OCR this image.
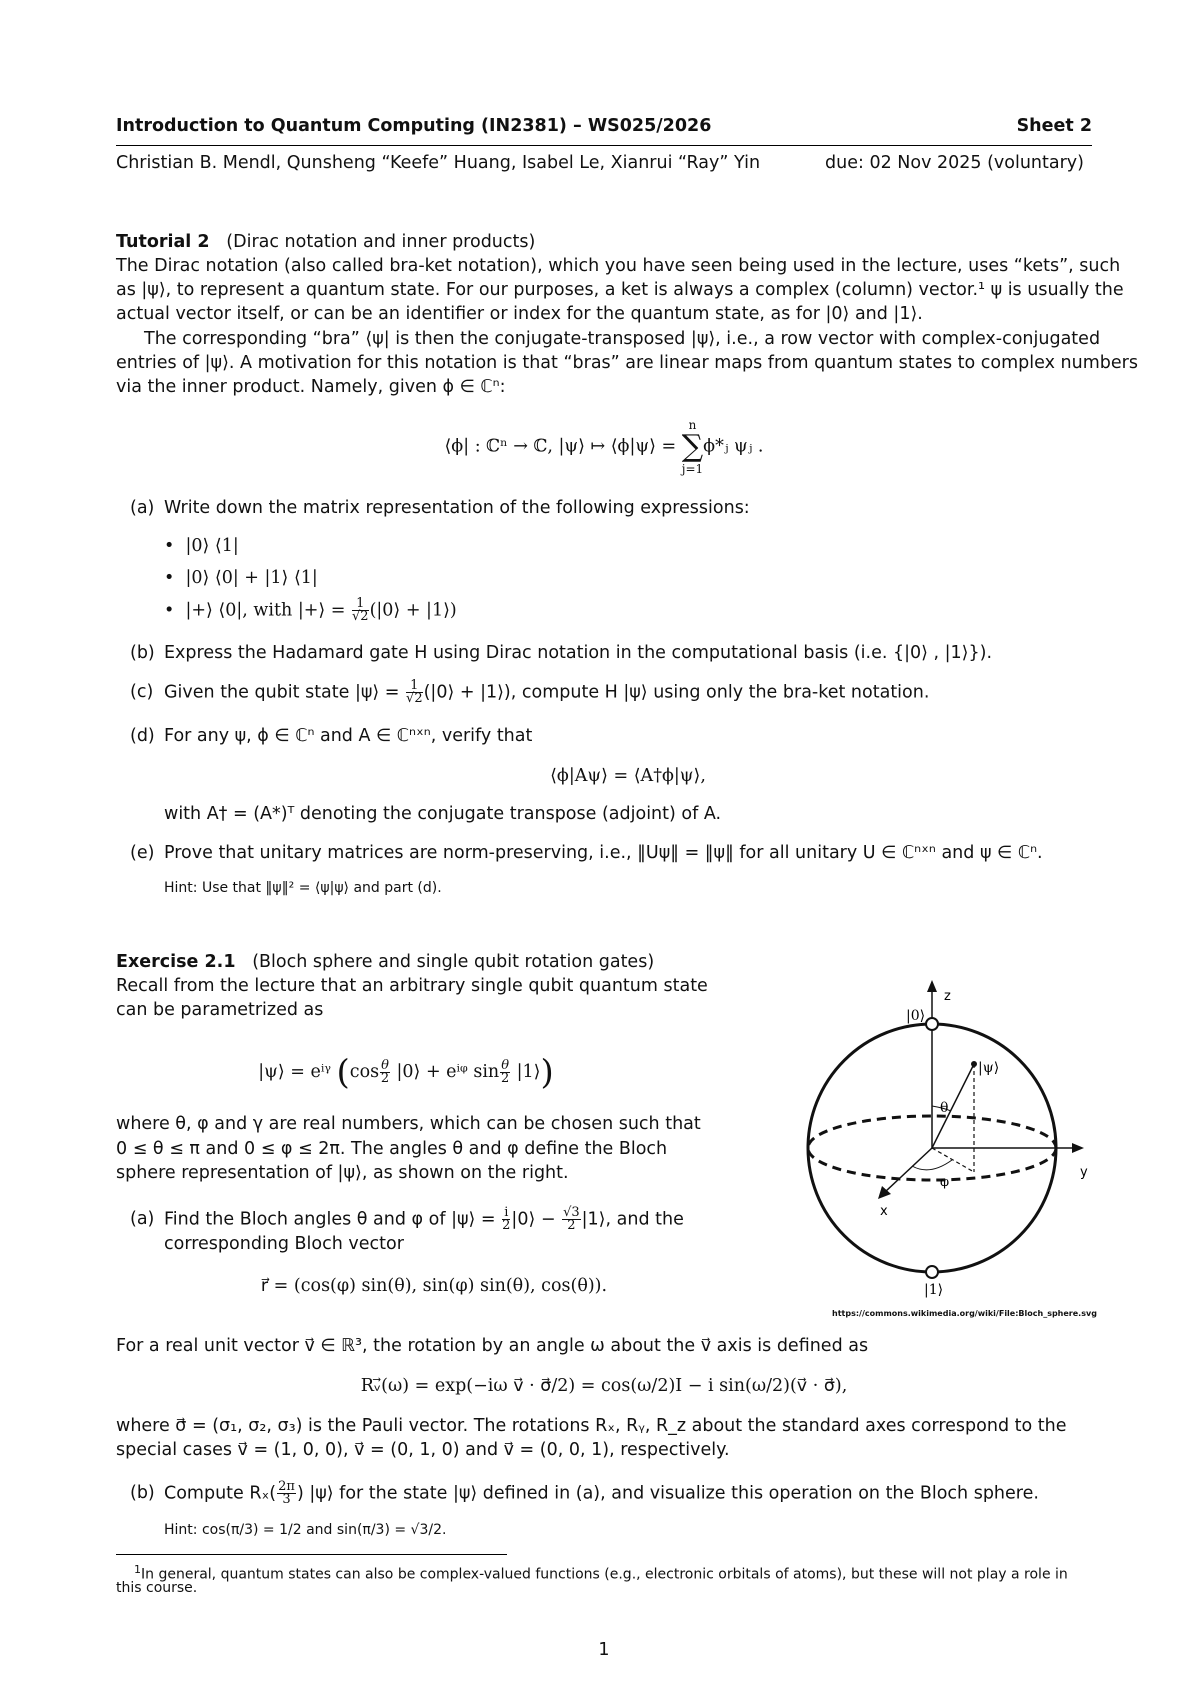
Introduction to Quantum Computing (IN2381) – WS025/2026	Sheet 2
Christian B. Mendl, Qunsheng “Keefe” Huang, Isabel Le, Xianrui “Ray” Yin	due: 02 Nov 2025 (voluntary)
Tutorial 2 (Dirac notation and inner products)
The Dirac notation (also called bra-ket notation), which you have seen being used in the lecture, uses “kets”, such
as |ψ⟩, to represent a quantum state. For our purposes, a ket is always a complex (column) vector.¹ ψ is usually the
actual vector itself, or can be an identifier or index for the quantum state, as for |0⟩ and |1⟩.
The corresponding “bra” ⟨ψ| is then the conjugate-transposed |ψ⟩, i.e., a row vector with complex-conjugated
entries of |ψ⟩. A motivation for this notation is that “bras” are linear maps from quantum states to complex numbers
via the inner product. Namely, given ϕ ∈ ℂⁿ:
⟨ϕ| : ℂⁿ → ℂ, |ψ⟩ ↦ ⟨ϕ|ψ⟩ =
n
∑
j=1
ϕ*ⱼ ψⱼ .
(a) Write down the matrix representation of the following expressions:
•  |0⟩ ⟨1|
•  |0⟩ ⟨0| + |1⟩ ⟨1|
•  |+⟩ ⟨0|, with |+⟩ = $\frac{1}{√2}$ (|0⟩ + |1⟩)
(b) Express the Hadamard gate H using Dirac notation in the computational basis (i.e. {|0⟩ , |1⟩}).
(c) Given the qubit state |ψ⟩ = $\frac{1}{√2}$ (|0⟩ + |1⟩), compute H |ψ⟩ using only the bra-ket notation.
(d) For any ψ, ϕ ∈ ℂⁿ and A ∈ ℂⁿˣⁿ, verify that
⟨ϕ|Aψ⟩ = ⟨A†ϕ|ψ⟩,
with A† = (A*)ᵀ denoting the conjugate transpose (adjoint) of A.
(e) Prove that unitary matrices are norm-preserving, i.e., ‖Uψ‖ = ‖ψ‖ for all unitary U ∈ ℂⁿˣⁿ and ψ ∈ ℂⁿ.
Hint: Use that ‖ψ‖² = ⟨ψ|ψ⟩ and part (d).
Exercise 2.1 (Bloch sphere and single qubit rotation gates)
Recall from the lecture that an arbitrary single qubit quantum state
can be parametrized as
|ψ⟩ = eⁱᵞ ($\cos \frac{\theta}{2}$ |0⟩ + eⁱᵠ $\sin \frac{\theta}{2}$ |1⟩)
where θ, φ and γ are real numbers, which can be chosen such that
0 ≤ θ ≤ π and 0 ≤ φ ≤ 2π. The angles θ and φ define the Bloch
sphere representation of |ψ⟩, as shown on the right.
(a) Find the Bloch angles θ and φ of |ψ⟩ = $\frac{i}{2}$ |0⟩ − $\frac{√3}{2}$ |1⟩, and the
corresponding Bloch vector
r⃗ = (cos(φ) sin(θ), sin(φ) sin(θ), cos(θ)).
|0⟩
z
|ψ⟩
θ
φ
y
x
|1⟩
https://commons.wikimedia.org/wiki/File:Bloch_sphere.svg
For a real unit vector v⃗ ∈ ℝ³, the rotation by an angle ω about the v⃗ axis is defined as
Rᵥ⃗(ω) = exp(−iω v⃗ · σ⃗/2) = cos(ω/2)I − i sin(ω/2)(v⃗ · σ⃗),
where σ⃗ = (σ₁, σ₂, σ₃) is the Pauli vector. The rotations Rₓ, Rᵧ, R_z about the standard axes correspond to the
special cases v⃗ = (1, 0, 0), v⃗ = (0, 1, 0) and v⃗ = (0, 0, 1), respectively.
(b) Compute $R_x( \frac{2\pi}{3}$ ) |ψ⟩ for the state |ψ⟩ defined in (a), and visualize this operation on the Bloch sphere.
Hint: cos(π/3) = 1/2 and sin(π/3) = √3/2.
$^1$In general, quantum states can also be complex-valued functions (e.g., electronic orbitals of atoms), but these will not play a role in
this course.
1
